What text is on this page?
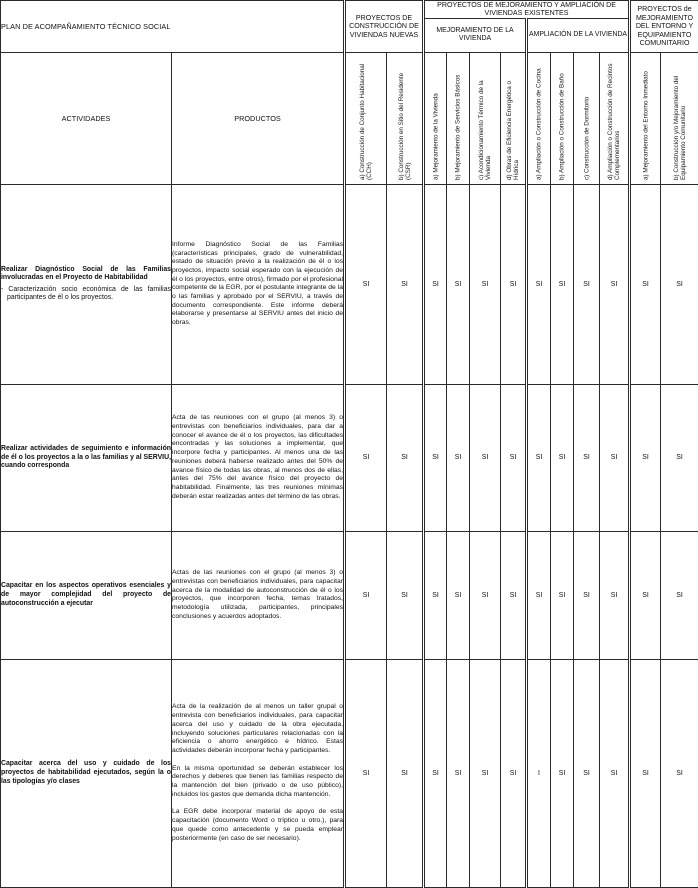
PLAN DE ACOMPAÑAMIENTO TÉCNICO SOCIAL		PROYECTOS DE CONSTRUCCIÓN DE VIVIENDAS NUEVAS		PROYECTOS DE MEJORAMIENTO Y AMPLIACIÓN DE VIVIENDAS EXISTENTES								PROYECTOS de MEJORAMIENTO DEL ENTORNO Y EQUIPAMIENTO COMUNITARIO	
				MEJORAMIENTO DE LA VIVIENDA				AMPLIACIÓN DE LA VIVIENDA					

ACTIVIDADES	PRODUCTOS	a) Construcción de Conjunto Habitacional (CCH)	b) Construcción en Sitio del Residente (CSR)	a) Mejoramiento de la Vivienda	b) Mejoramiento de Servicios Básicos	c) Acondicionamiento Térmico de la Vivienda	d) Obras de Eficiencia Energética o Hídrica	a) Ampliación o Construcción de Cocina	b) Ampliación o Construcción de Baño	c) Construcción de Dormitorio	d) Ampliación o Construcción de Recintos Complementarios	a) Mejoramiento del Entorno Inmediato	b) Construcción y/o Mejoramiento del Equipamiento Comunitario

Realizar Diagnóstico Social de las Familias involucradas en el Proyecto de Habitabilidad
- Caracterización socio económica de las familias participantes de él o los proyectos.	Informe Diagnóstico Social de las Familias (características principales, grado de vulnerabilidad, estado de situación previo a la realización de él o los proyectos, impacto social esperado con la ejecución de él o los proyectos, entre otros), firmado por el profesional competente de la EGR, por el postulante integrante de la o las familias y aprobado por el SERVIU, a través de documento correspondiente. Este informe deberá elaborarse y presentarse al SERVIU antes del inicio de obras.	SI	SI	SI	SI	SI	SI	SI	SI	SI	SI	SI	SI

Realizar actividades de seguimiento e información de él o los proyectos a la o las familias y al SERVIU, cuando corresponda	Acta de las reuniones con el grupo (al menos 3) o entrevistas con beneficiarios individuales, para dar a conocer el avance de él o los proyectos, las dificultades encontradas y las soluciones a implementar, que incorpore fecha y participantes. Al menos una de las reuniones deberá haberse realizado antes del 50% de avance físico de todas las obras, al menos dos de ellas, antes del 75% del avance físico del proyecto de habitabilidad. Finalmente, las tres reuniones mínimas deberán estar realizadas antes del término de las obras.	SI	SI	SI	SI	SI	SI	SI	SI	SI	SI	SI	SI

Capacitar en los aspectos operativos esenciales y de mayor complejidad del proyecto de autoconstrucción a ejecutar	Actas de las reuniones con el grupo (al menos 3) o entrevistas con beneficiarios individuales, para capacitar acerca de la modalidad de autoconstrucción de él o los proyectos, que incorporen fecha, temas tratados, metodología utilizada, participantes, principales conclusiones y acuerdos adoptados.	SI	SI	SI	SI	SI	SI	SI	SI	SI	SI	SI	SI

Capacitar acerca del uso y cuidado de los proyectos de habitabilidad ejecutados, según la o las tipologías y/o clases	Acta de la realización de al menos un taller grupal o entrevista con beneficiarios individuales, para capacitar acerca del uso y cuidado de la obra ejecutada, incluyendo soluciones particulares relacionadas con la eficiencia o ahorro energético e hídrico. Estas actividades deberán incorporar fecha y participantes.

En la misma oportunidad se deberán establecer los derechos y deberes que tienen las familias respecto de la mantención del bien (privado o de uso público), incluidos los gastos que demanda dicha mantención.

La EGR debe incorporar material de apoyo de esta capacitación (documento Word o tríptico u otro.), para que quede como antecedente y se pueda emplear posteriormente (en caso de ser necesario).	SI	SI	SI	SI	SI	SI	I	SI	SI	SI	SI	SI
